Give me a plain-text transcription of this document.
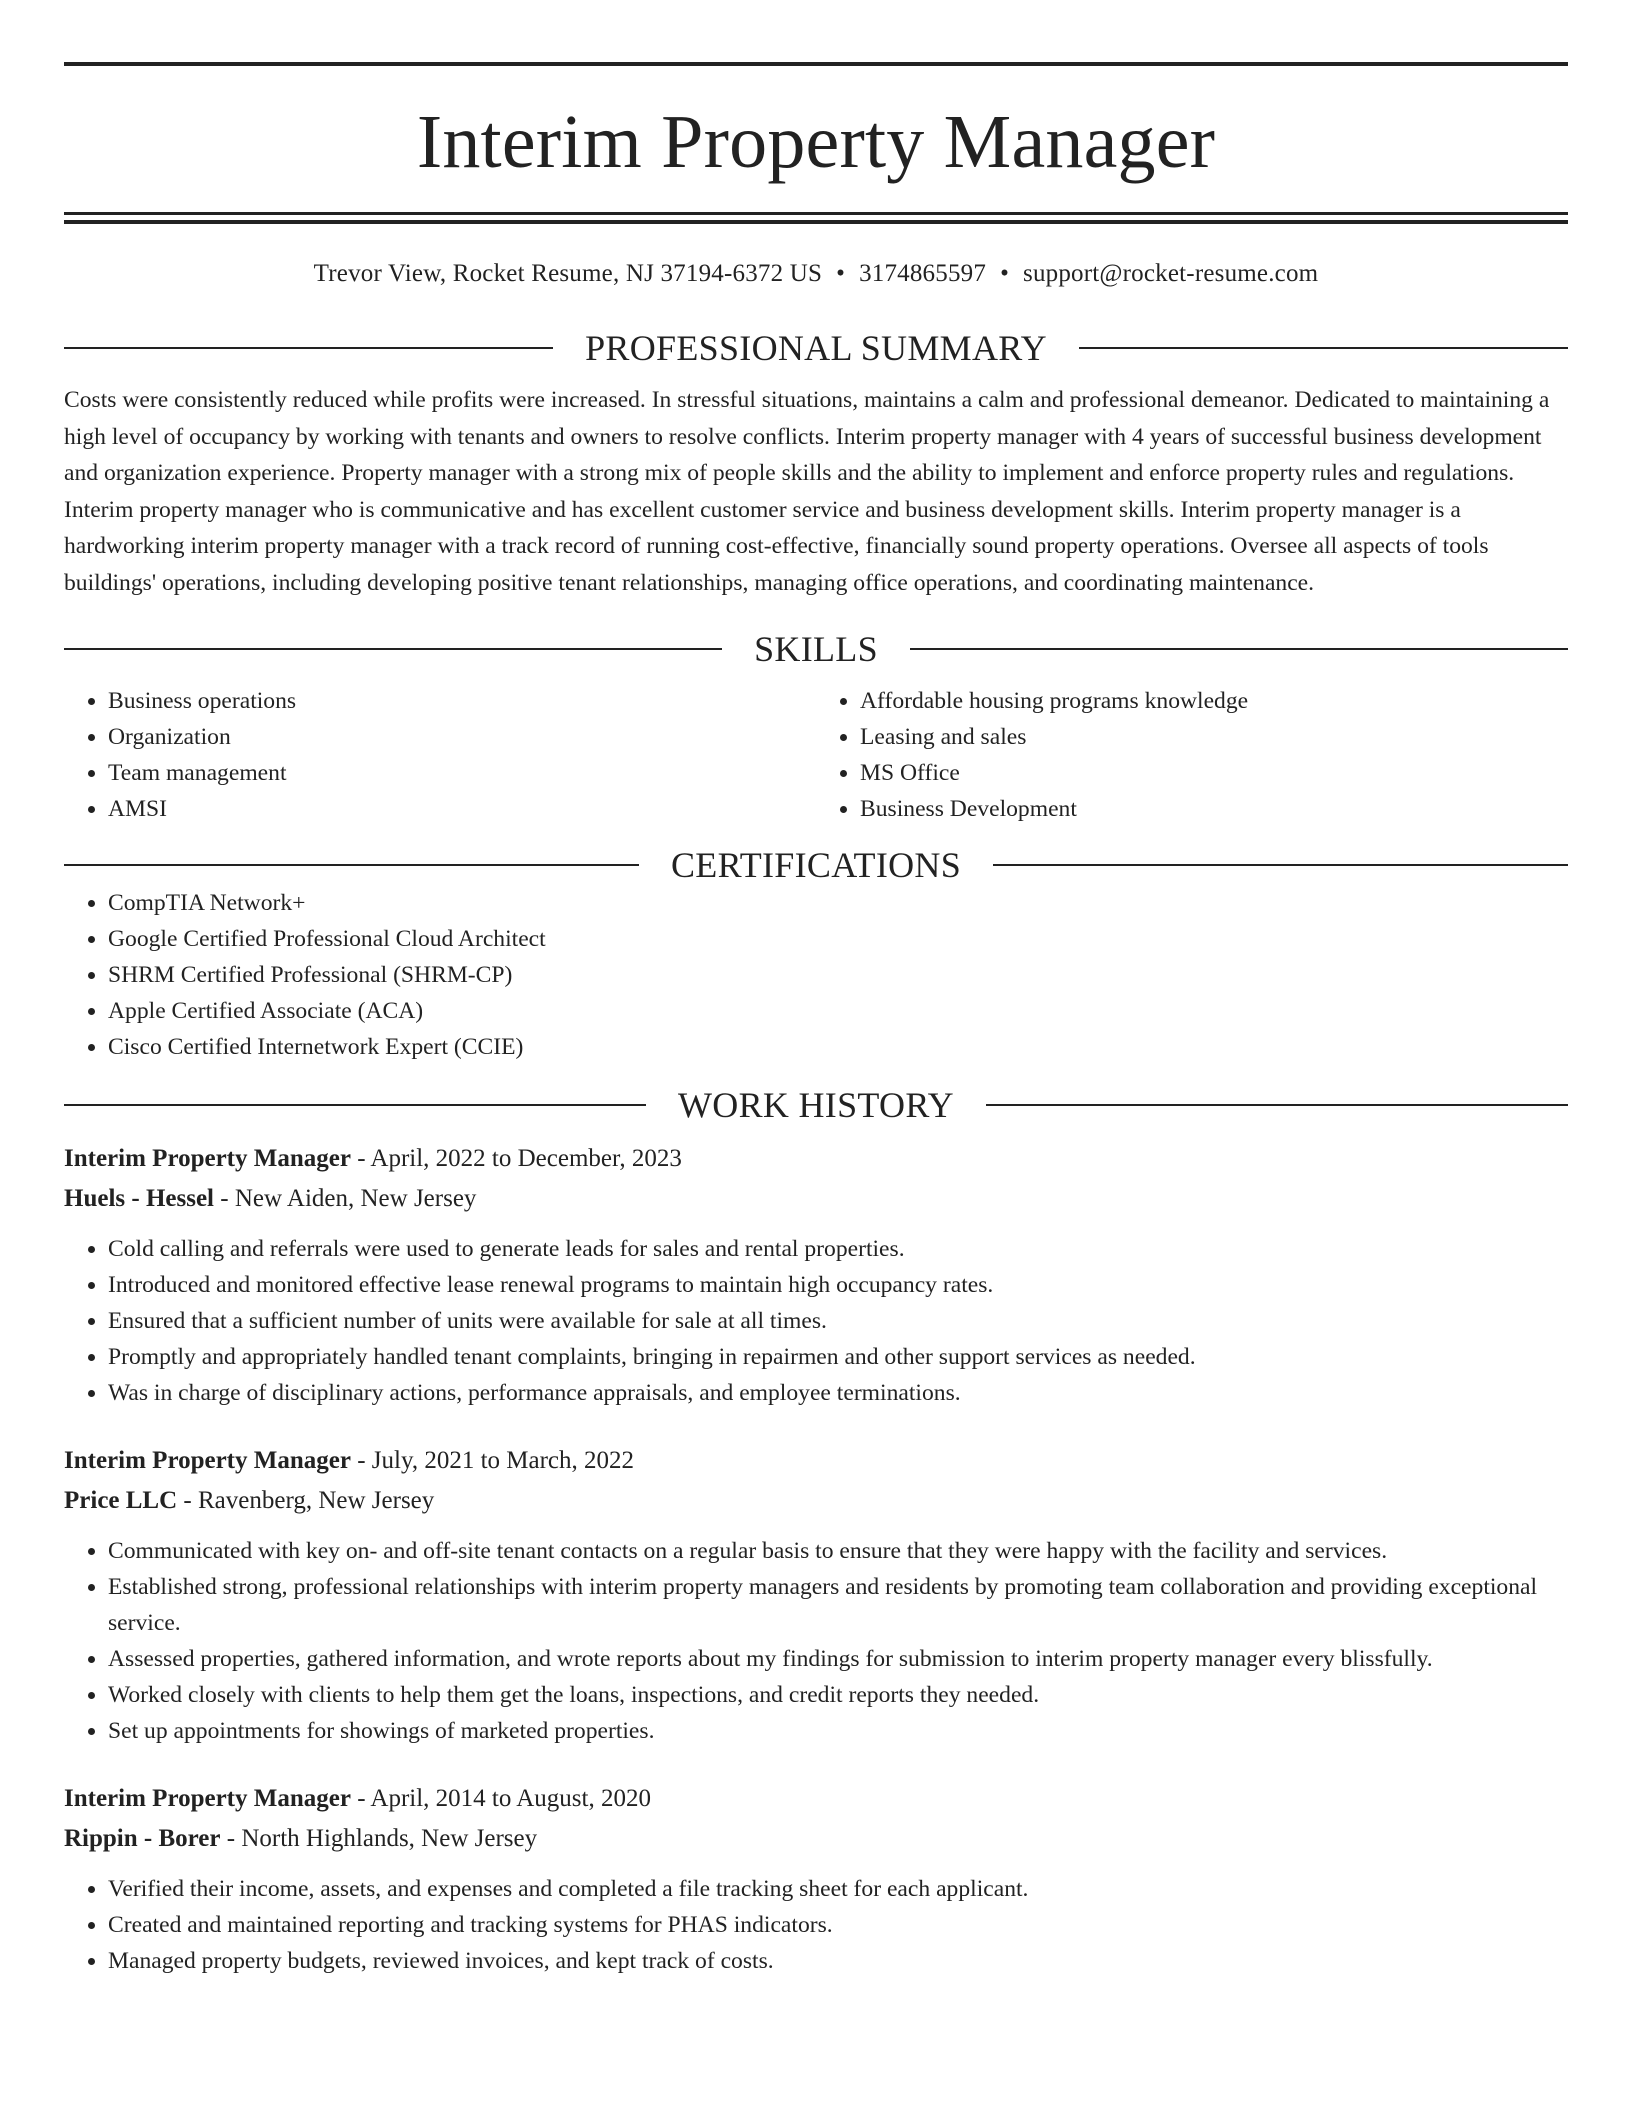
Interim Property Manager
Trevor View, Rocket Resume, NJ 37194-6372 US • 3174865597 • support@rocket-resume.com
PROFESSIONAL SUMMARY

Costs were consistently reduced while profits were increased. In stressful situations, maintains a calm and professional demeanor. Dedicated to maintaining a high level of occupancy by working with tenants and owners to resolve conflicts. Interim property manager with 4 years of successful business development and organization experience. Property manager with a strong mix of people skills and the ability to implement and enforce property rules and regulations. Interim property manager who is communicative and has excellent customer service and business development skills. Interim property manager is a hardworking interim property manager with a track record of running cost-effective, financially sound property operations. Oversee all aspects of tools buildings' operations, including developing positive tenant relationships, managing office operations, and coordinating maintenance.

SKILLS
• Business operations
• Organization
• Team management
• AMSI
• Affordable housing programs knowledge
• Leasing and sales
• MS Office
• Business Development
CERTIFICATIONS
• CompTIA Network+
• Google Certified Professional Cloud Architect
• SHRM Certified Professional (SHRM-CP)
• Apple Certified Associate (ACA)
• Cisco Certified Internetwork Expert (CCIE)
WORK HISTORY
Interim Property Manager - April, 2022 to December, 2023
Huels - Hessel - New Aiden, New Jersey
• Cold calling and referrals were used to generate leads for sales and rental properties.
• Introduced and monitored effective lease renewal programs to maintain high occupancy rates.
• Ensured that a sufficient number of units were available for sale at all times.
• Promptly and appropriately handled tenant complaints, bringing in repairmen and other support services as needed.
• Was in charge of disciplinary actions, performance appraisals, and employee terminations.
Interim Property Manager - July, 2021 to March, 2022
Price LLC - Ravenberg, New Jersey
• Communicated with key on- and off-site tenant contacts on a regular basis to ensure that they were happy with the facility and services.
• Established strong, professional relationships with interim property managers and residents by promoting team collaboration and providing exceptional service.
• Assessed properties, gathered information, and wrote reports about my findings for submission to interim property manager every blissfully.
• Worked closely with clients to help them get the loans, inspections, and credit reports they needed.
• Set up appointments for showings of marketed properties.
Interim Property Manager - April, 2014 to August, 2020
Rippin - Borer - North Highlands, New Jersey
• Verified their income, assets, and expenses and completed a file tracking sheet for each applicant.
• Created and maintained reporting and tracking systems for PHAS indicators.
• Managed property budgets, reviewed invoices, and kept track of costs.
